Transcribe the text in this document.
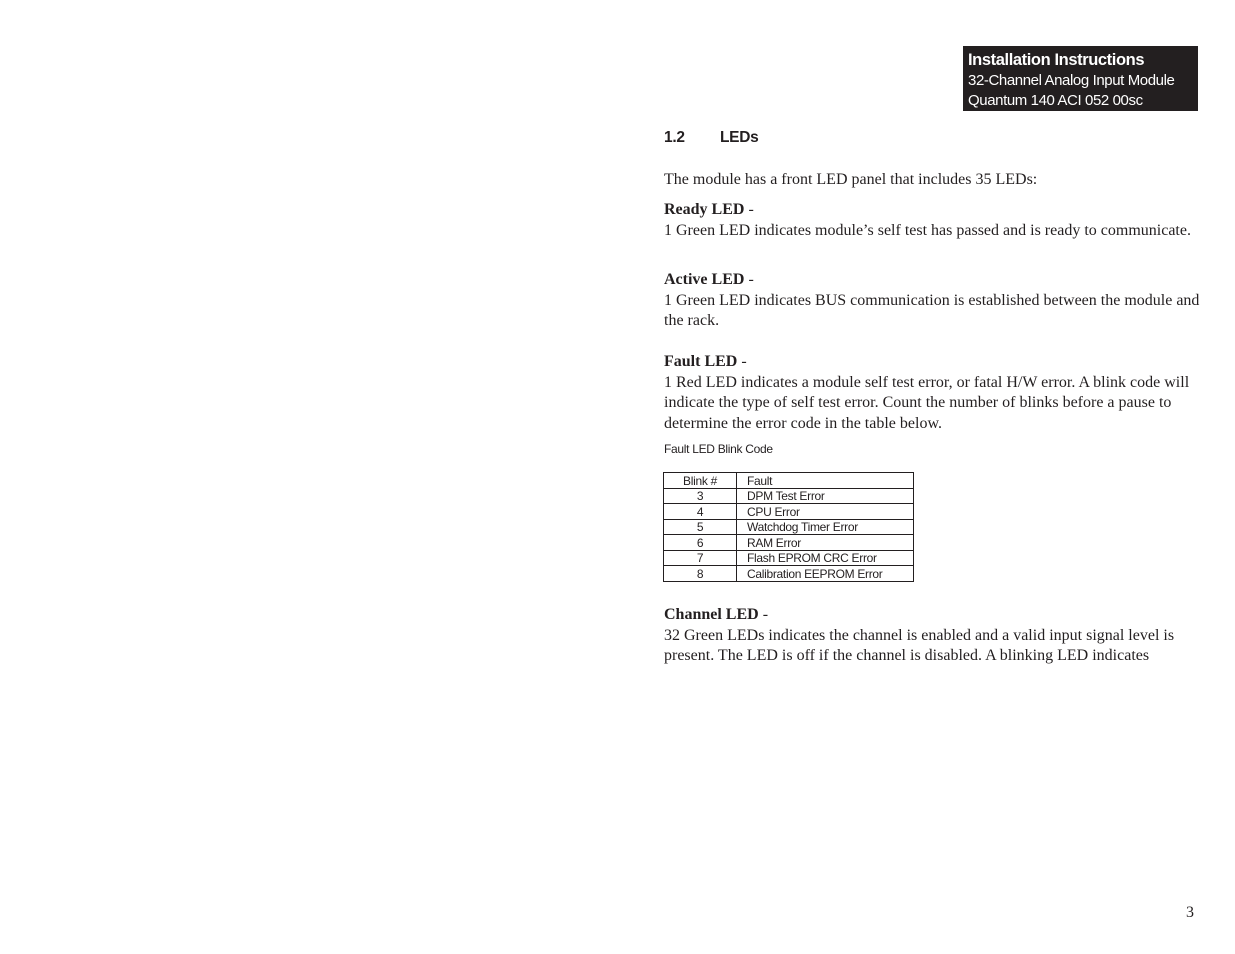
Installation Instructions
32-Channel Analog Input Module
Quantum 140 ACI 052 00sc
1.2 LEDs
The module has a front LED panel that includes 35 LEDs:
Ready LED -
1 Green LED indicates module’s self test has passed and is ready to communicate.
Active LED -
1 Green LED indicates BUS communication is established between the module and the rack.
Fault LED -
1 Red LED indicates a module self test error, or fatal H/W error. A blink code will indicate the type of self test error. Count the number of blinks before a pause to determine the error code in the table below.
Fault LED Blink Code
Blink #	Fault
3	DPM Test Error
4	CPU Error
5	Watchdog Timer Error
6	RAM Error
7	Flash EPROM CRC Error
8	Calibration EEPROM Error
Channel LED -
32 Green LEDs indicates the channel is enabled and a valid input signal level is present. The LED is off if the channel is disabled. A blinking LED indicates
3
